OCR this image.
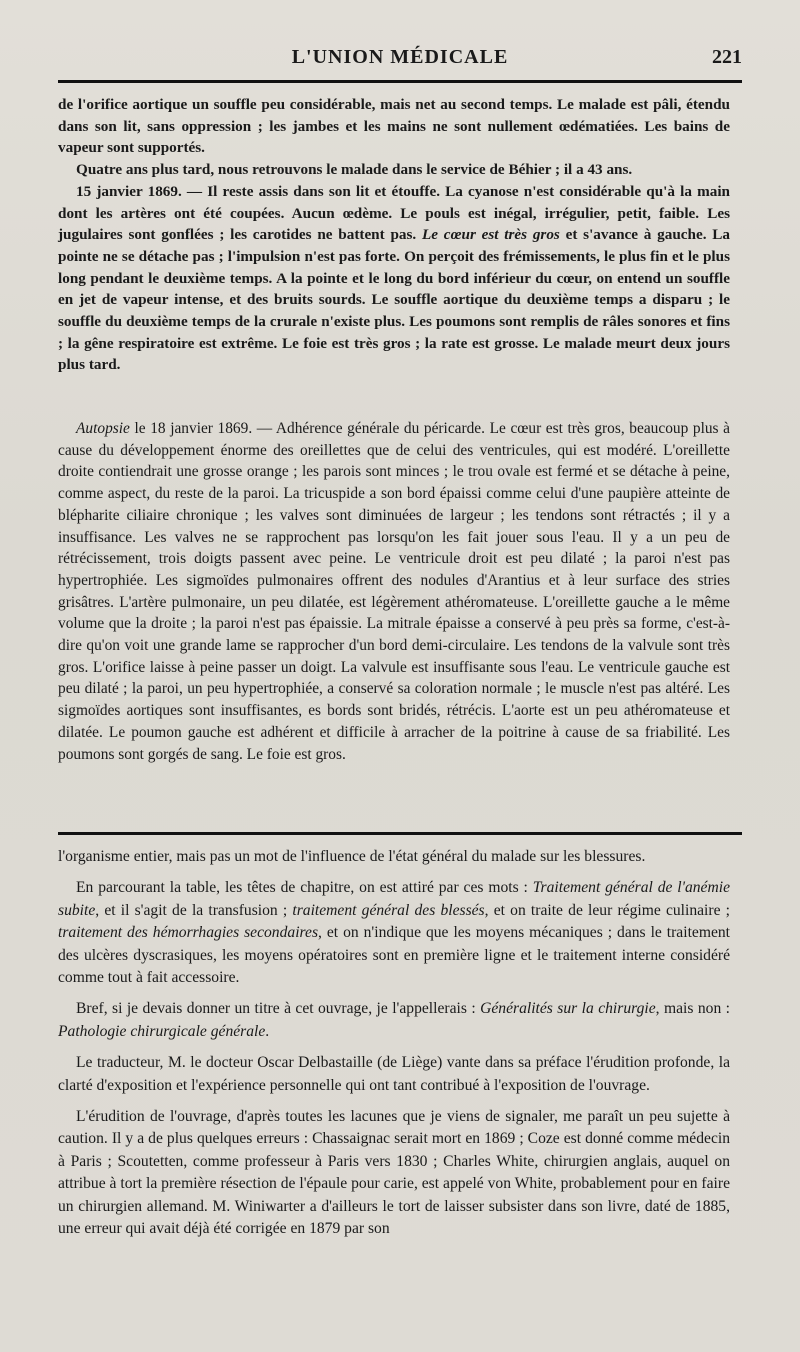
L'UNION MÉDICALE	221

de l'orifice aortique un souffle peu considérable, mais net au second temps. Le malade est pâli, étendu dans son lit, sans oppression ; les jambes et les mains ne sont nullement œdématiées. Les bains de vapeur sont supportés.

Quatre ans plus tard, nous retrouvons le malade dans le service de Béhier ; il a 43 ans.

15 janvier 1869. — Il reste assis dans son lit et étouffe. La cyanose n'est considérable qu'à la main dont les artères ont été coupées. Aucun œdème. Le pouls est inégal, irrégulier, petit, faible. Les jugulaires sont gonflées ; les carotides ne battent pas. Le cœur est très gros et s'avance à gauche. La pointe ne se détache pas ; l'impulsion n'est pas forte. On perçoit des frémissements, le plus fin et le plus long pendant le deuxième temps. A la pointe et le long du bord inférieur du cœur, on entend un souffle en jet de vapeur intense, et des bruits sourds. Le souffle aortique du deuxième temps a disparu ; le souffle du deuxième temps de la crurale n'existe plus. Les poumons sont remplis de râles sonores et fins ; la gêne respiratoire est extrême. Le foie est très gros ; la rate est grosse. Le malade meurt deux jours plus tard.

Autopsie le 18 janvier 1869. — Adhérence générale du péricarde. Le cœur est très gros, beaucoup plus à cause du développement énorme des oreillettes que de celui des ventricules, qui est modéré. L'oreillette droite contiendrait une grosse orange ; les parois sont minces ; le trou ovale est fermé et se détache à peine, comme aspect, du reste de la paroi. La tricuspide a son bord épaissi comme celui d'une paupière atteinte de blépharite ciliaire chronique ; les valves sont diminuées de largeur ; les tendons sont rétractés ; il y a insuffisance. Les valves ne se rapprochent pas lorsqu'on les fait jouer sous l'eau. Il y a un peu de rétrécissement, trois doigts passent avec peine. Le ventricule droit est peu dilaté ; la paroi n'est pas hypertrophiée. Les sigmoïdes pulmonaires offrent des nodules d'Arantius et à leur surface des stries grisâtres. L'artère pulmonaire, un peu dilatée, est légèrement athéromateuse. L'oreillette gauche a le même volume que la droite ; la paroi n'est pas épaissie. La mitrale épaisse a conservé à peu près sa forme, c'est-à-dire qu'on voit une grande lame se rapprocher d'un bord demi-circulaire. Les tendons de la valvule sont très gros. L'orifice laisse à peine passer un doigt. La valvule est insuffisante sous l'eau. Le ventricule gauche est peu dilaté ; la paroi, un peu hypertrophiée, a conservé sa coloration normale ; le muscle n'est pas altéré. Les sigmoïdes aortiques sont insuffisantes, es bords sont bridés, rétrécis. L'aorte est un peu athéromateuse et dilatée. Le poumon gauche est adhérent et difficile à arracher de la poitrine à cause de sa friabilité. Les poumons sont gorgés de sang. Le foie est gros.

l'organisme entier, mais pas un mot de l'influence de l'état général du malade sur les blessures.

En parcourant la table, les têtes de chapitre, on est attiré par ces mots : Traitement général de l'anémie subite, et il s'agit de la transfusion ; traitement général des blessés, et on traite de leur régime culinaire ; traitement des hémorrhagies secondaires, et on n'indique que les moyens mécaniques ; dans le traitement des ulcères dyscrasiques, les moyens opératoires sont en première ligne et le traitement interne considéré comme tout à fait accessoire.

Bref, si je devais donner un titre à cet ouvrage, je l'appellerais : Généralités sur la chirurgie, mais non : Pathologie chirurgicale générale.

Le traducteur, M. le docteur Oscar Delbastaille (de Liège) vante dans sa préface l'érudition profonde, la clarté d'exposition et l'expérience personnelle qui ont tant contribué à l'exposition de l'ouvrage.

L'érudition de l'ouvrage, d'après toutes les lacunes que je viens de signaler, me paraît un peu sujette à caution. Il y a de plus quelques erreurs : Chassaignac serait mort en 1869 ; Coze est donné comme médecin à Paris ; Scoutetten, comme professeur à Paris vers 1830 ; Charles White, chirurgien anglais, auquel on attribue à tort la première résection de l'épaule pour carie, est appelé von White, probablement pour en faire un chirurgien allemand. M. Winiwarter a d'ailleurs le tort de laisser subsister dans son livre, daté de 1885, une erreur qui avait déjà été corrigée en 1879 par son
